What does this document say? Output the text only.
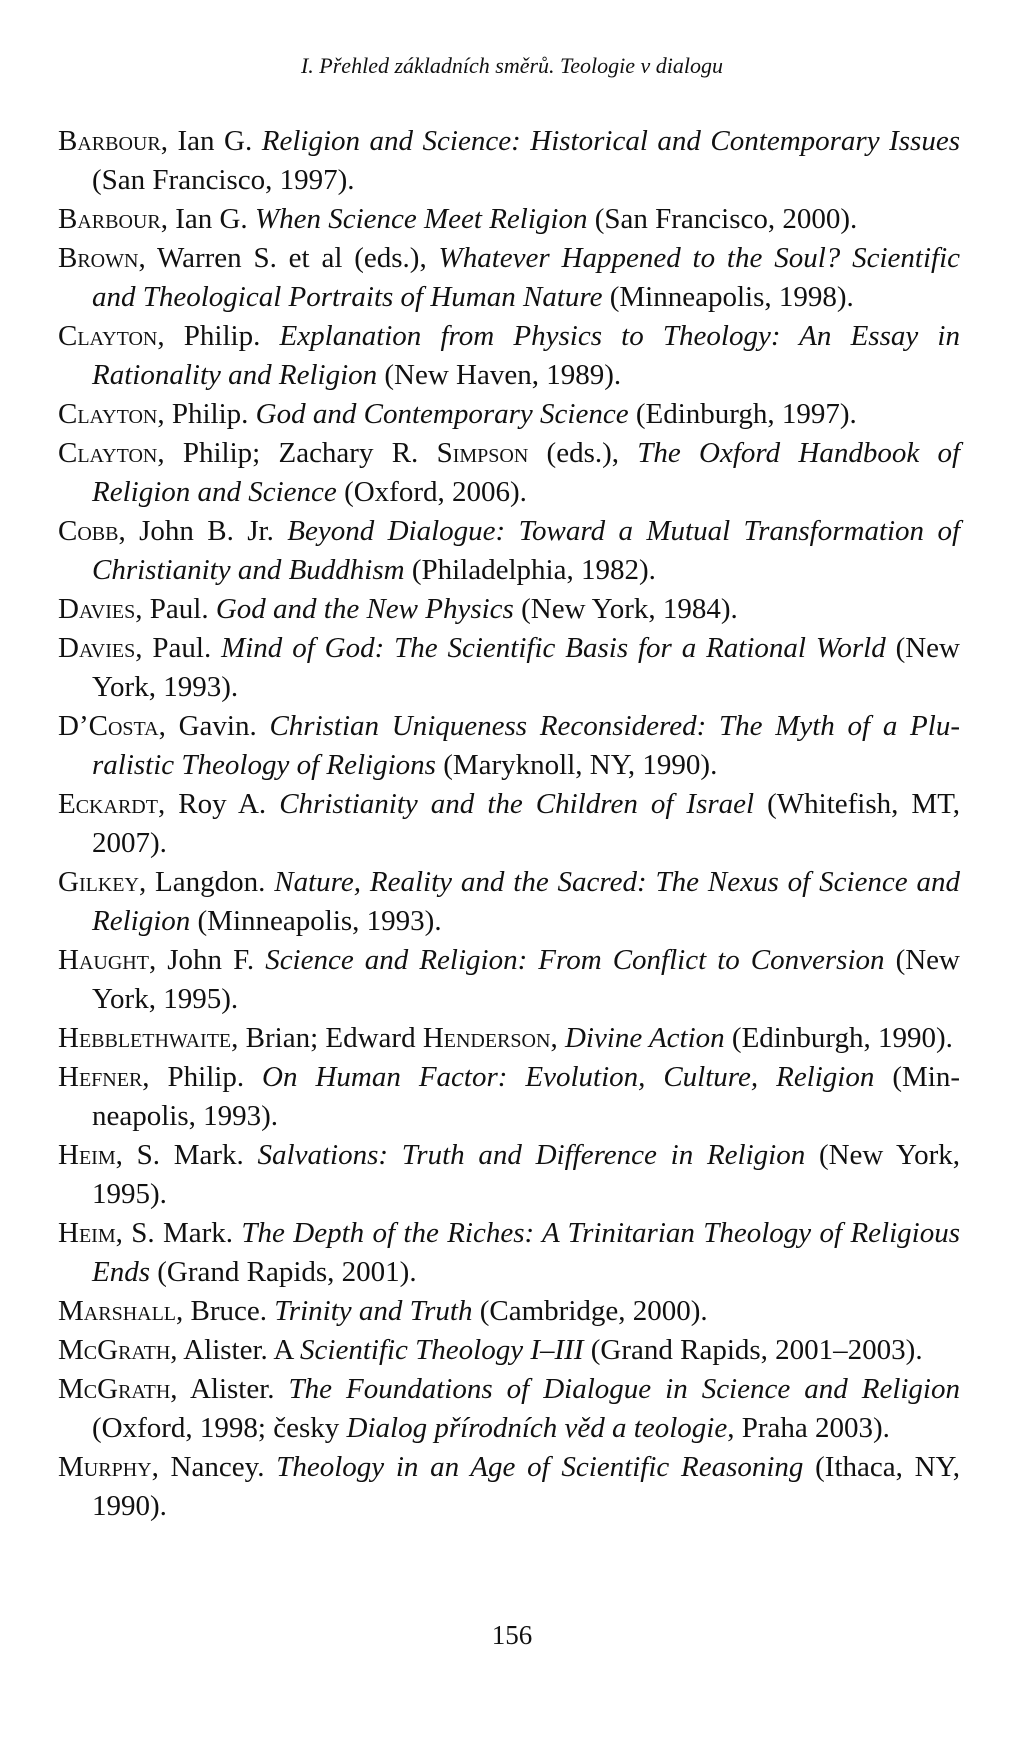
I. Přehled základních směrů. Teologie v dialogu
Barbour, Ian G. Religion and Science: Historical and Contemporary Issues (San Francisco, 1997).
Barbour, Ian G. When Science Meet Religion (San Francisco, 2000).
Brown, Warren S. et al (eds.), Whatever Happened to the Soul? Scientific and Theological Portraits of Human Nature (Minneapolis, 1998).
Clayton, Philip. Explanation from Physics to Theology: An Essay in Rationality and Religion (New Haven, 1989).
Clayton, Philip. God and Contemporary Science (Edinburgh, 1997).
Clayton, Philip; Zachary R. Simpson (eds.), The Oxford Handbook of Religion and Science (Oxford, 2006).
Cobb, John B. Jr. Beyond Dialogue: Toward a Mutual Transformation of Christianity and Buddhism (Philadelphia, 1982).
Davies, Paul. God and the New Physics (New York, 1984).
Davies, Paul. Mind of God: The Scientific Basis for a Rational World (New York, 1993).
D’Costa, Gavin. Christian Uniqueness Reconsidered: The Myth of a Pluralistic Theology of Religions (Maryknoll, NY, 1990).
Eckardt, Roy A. Christianity and the Children of Israel (Whitefish, MT, 2007).
Gilkey, Langdon. Nature, Reality and the Sacred: The Nexus of Science and Religion (Minneapolis, 1993).
Haught, John F. Science and Religion: From Conflict to Conversion (New York, 1995).
Hebblethwaite, Brian; Edward Henderson, Divine Action (Edinburgh, 1990).
Hefner, Philip. On Human Factor: Evolution, Culture, Religion (Minneapolis, 1993).
Heim, S. Mark. Salvations: Truth and Difference in Religion (New York, 1995).
Heim, S. Mark. The Depth of the Riches: A Trinitarian Theology of Religious Ends (Grand Rapids, 2001).
Marshall, Bruce. Trinity and Truth (Cambridge, 2000).
McGrath, Alister. A Scientific Theology I–III (Grand Rapids, 2001–2003).
McGrath, Alister. The Foundations of Dialogue in Science and Religion (Oxford, 1998; česky Dialog přírodních věd a teologie, Praha 2003).
Murphy, Nancey. Theology in an Age of Scientific Reasoning (Ithaca, NY, 1990).
156
